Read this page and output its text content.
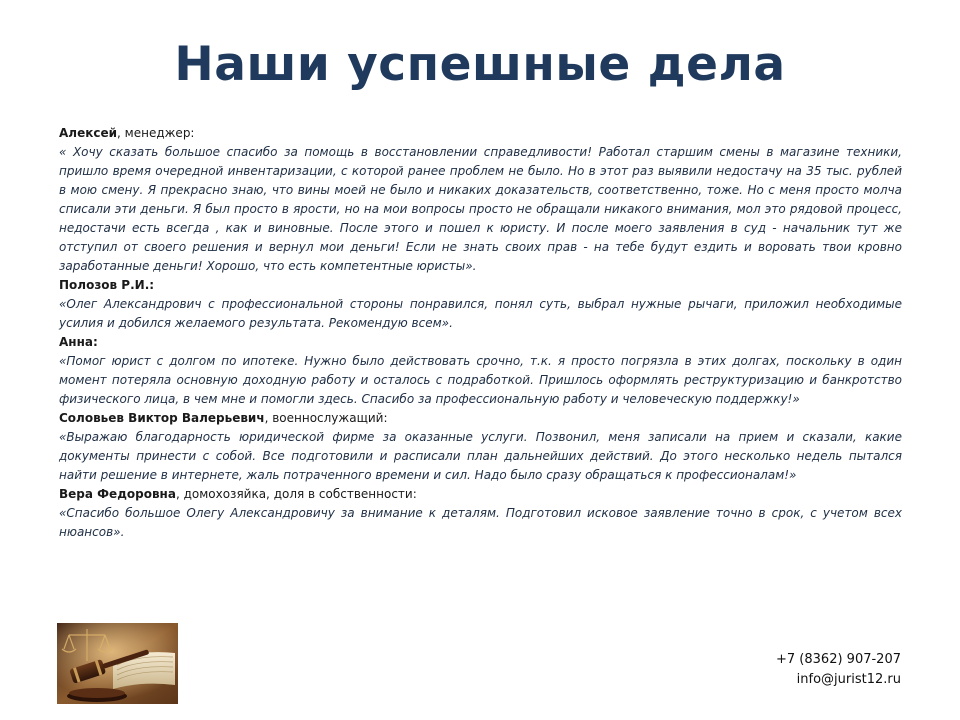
Наши успешные дела

Алексей, менеджер:

« Хочу сказать большое спасибо за помощь в восстановлении справедливости! Работал старшим смены в магазине техники, пришло время очередной инвентаризации, с которой ранее проблем не было. Но в этот раз выявили недостачу на 35 тыс. рублей в мою смену. Я прекрасно знаю, что вины моей не было и никаких доказательств, соответственно, тоже. Но с меня просто молча списали эти деньги. Я был просто в ярости, но на мои вопросы просто не обращали никакого внимания, мол это рядовой процесс, недостачи есть всегда , как и виновные. После этого и пошел к юристу. И после моего заявления в суд - начальник тут же отступил от своего решения и вернул мои деньги! Если не знать своих прав - на тебе будут ездить и воровать твои кровно заработанные деньги! Хорошо, что есть компетентные юристы».

Полозов Р.И.:

«Олег Александрович с профессиональной стороны понравился, понял суть, выбрал нужные рычаги, приложил необходимые усилия и добился желаемого результата. Рекомендую всем».

Анна:

«Помог юрист с долгом по ипотеке. Нужно было действовать срочно, т.к. я просто погрязла в этих долгах, поскольку в один момент потеряла основную доходную работу и осталось с подработкой. Пришлось оформлять реструктуризацию и банкротство физического лица, в чем мне и помогли здесь. Спасибо за профессиональную работу и человеческую поддержку!»

Соловьев Виктор Валерьевич, военнослужащий:

«Выражаю благодарность юридической фирме за оказанные услуги. Позвонил, меня записали на прием и сказали, какие документы принести с собой. Все подготовили и расписали план дальнейших действий. До этого несколько недель пытался найти решение в интернете, жаль потраченного времени и сил. Надо было сразу обращаться к профессионалам!»

Вера Федоровна, домохозяйка, доля в собственности:

«Спасибо большое Олегу Александровичу за внимание к деталям. Подготовил исковое заявление точно в срок, с учетом всех нюансов».

+7 (8362) 907-207
info@jurist12.ru
